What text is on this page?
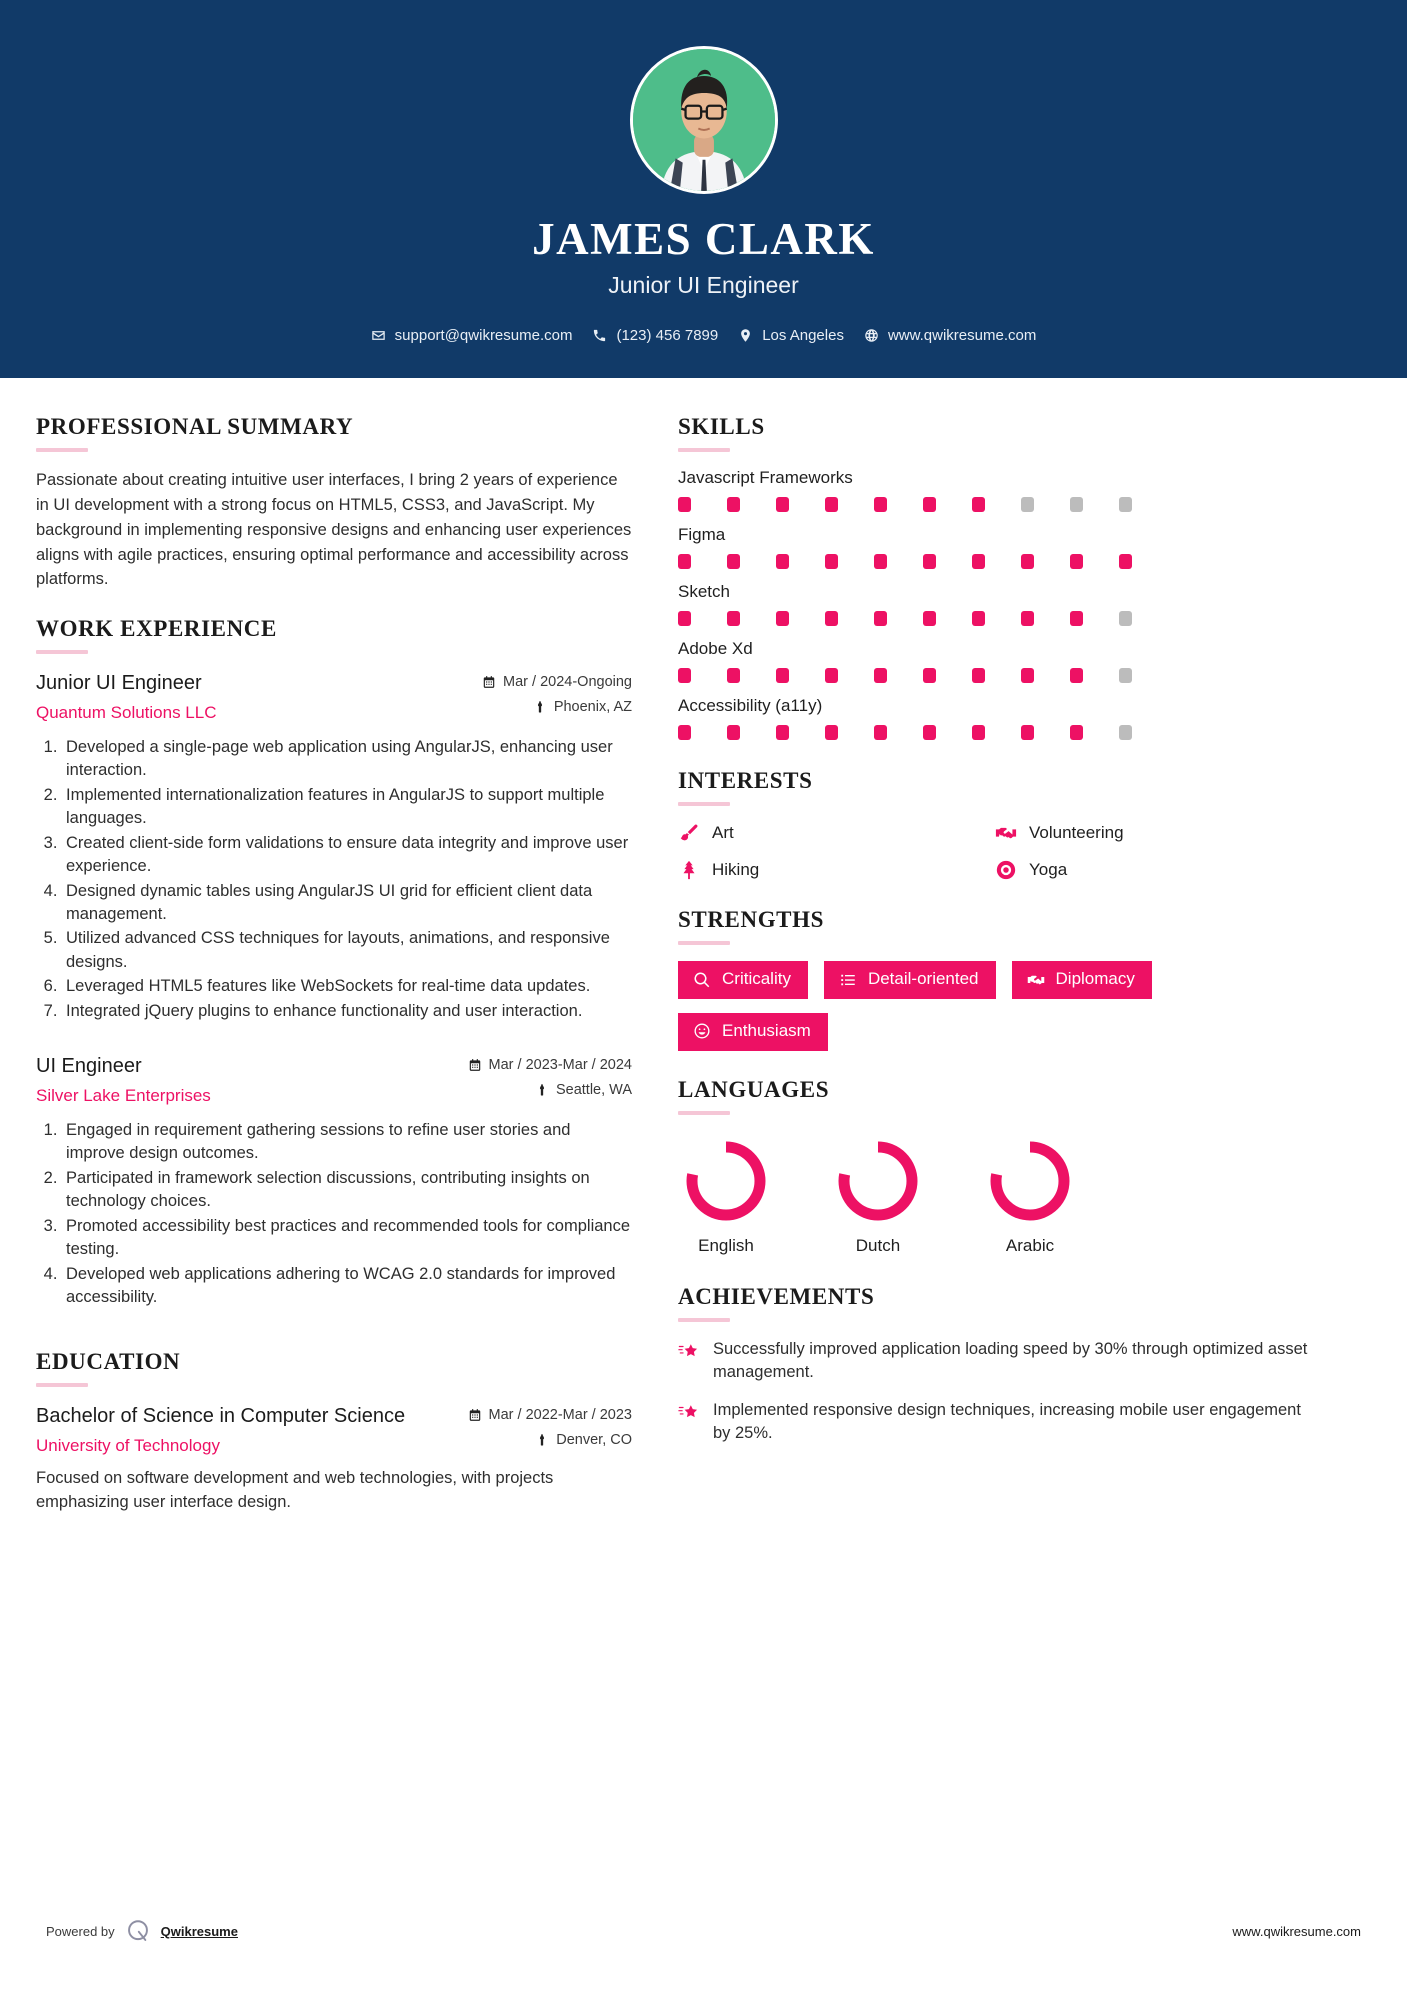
JAMES CLARK
Junior UI Engineer
support@qwikresume.com	(123) 456 7899	Los Angeles	www.qwikresume.com
PROFESSIONAL SUMMARY
Passionate about creating intuitive user interfaces, I bring 2 years of experience in UI development with a strong focus on HTML5, CSS3, and JavaScript. My background in implementing responsive designs and enhancing user experiences aligns with agile practices, ensuring optimal performance and accessibility across platforms.
WORK EXPERIENCE
Junior UI Engineer
Quantum Solutions LLC
Mar / 2024-Ongoing
Phoenix, AZ
1. Developed a single-page web application using AngularJS, enhancing user interaction.
2. Implemented internationalization features in AngularJS to support multiple languages.
3. Created client-side form validations to ensure data integrity and improve user experience.
4. Designed dynamic tables using AngularJS UI grid for efficient client data management.
5. Utilized advanced CSS techniques for layouts, animations, and responsive designs.
6. Leveraged HTML5 features like WebSockets for real-time data updates.
7. Integrated jQuery plugins to enhance functionality and user interaction.
UI Engineer
Silver Lake Enterprises
Mar / 2023-Mar / 2024
Seattle, WA
1. Engaged in requirement gathering sessions to refine user stories and improve design outcomes.
2. Participated in framework selection discussions, contributing insights on technology choices.
3. Promoted accessibility best practices and recommended tools for compliance testing.
4. Developed web applications adhering to WCAG 2.0 standards for improved accessibility.
EDUCATION
Bachelor of Science in Computer Science
University of Technology
Mar / 2022-Mar / 2023
Denver, CO
Focused on software development and web technologies, with projects emphasizing user interface design.
SKILLS
Javascript Frameworks
Figma
Sketch
Adobe Xd
Accessibility (a11y)
INTERESTS
Art	Volunteering
Hiking	Yoga
STRENGTHS
Criticality	Detail-oriented	Diplomacy
Enthusiasm
LANGUAGES
English	Dutch	Arabic
ACHIEVEMENTS
Successfully improved application loading speed by 30% through optimized asset management.
Implemented responsive design techniques, increasing mobile user engagement by 25%.
Powered by	Qwikresume	www.qwikresume.com
